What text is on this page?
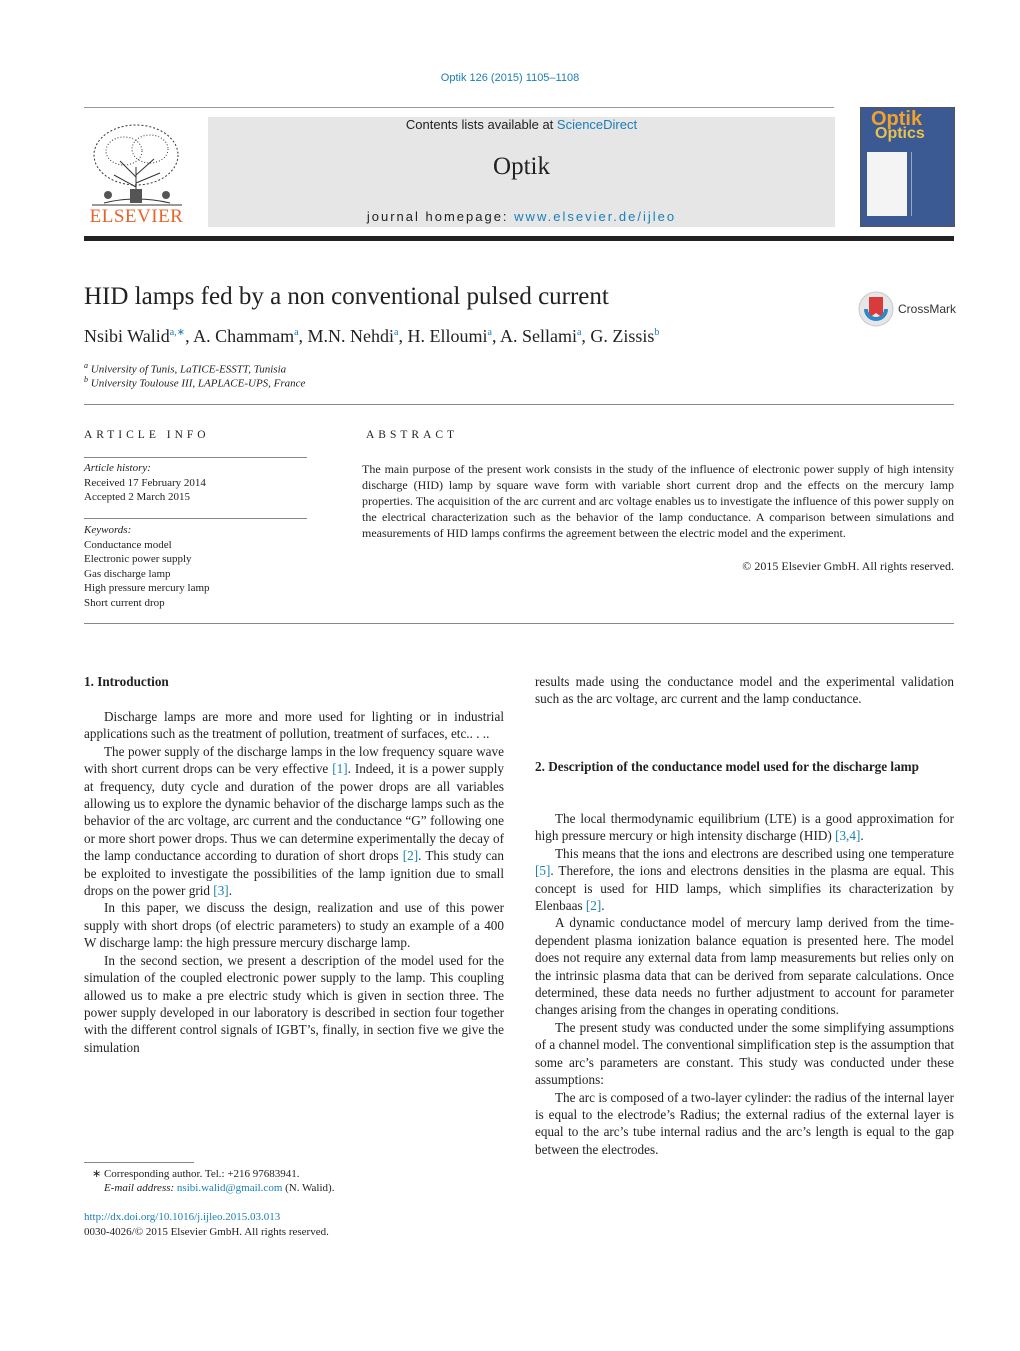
Optik 126 (2015) 1105–1108
ELSEVIER
Contents lists available at ScienceDirect
Optik
journal homepage: www.elsevier.de/ijleo
Optik
Optics
HID lamps fed by a non conventional pulsed current	CrossMark
Nsibi Walid$^{a,∗}$, A. Chammam$^a$, M.N. Nehdi$^a$, H. Elloumi$^a$, A. Sellami$^a$, G. Zissis$^b$
$^a$ University of Tunis, LaTICE-ESSTT, Tunisia
$^b$ University Toulouse III, LAPLACE-UPS, France
ARTICLE INFO
Article history:
Received 17 February 2014
Accepted 2 March 2015
Keywords:
Conductance model
Electronic power supply
Gas discharge lamp
High pressure mercury lamp
Short current drop
ABSTRACT
The main purpose of the present work consists in the study of the influence of electronic power supply of high intensity discharge (HID) lamp by square wave form with variable short current drop and the effects on the mercury lamp properties. The acquisition of the arc current and arc voltage enables us to investigate the influence of this power supply on the electrical characterization such as the behavior of the lamp conductance. A comparison between simulations and measurements of HID lamps confirms the agreement between the electric model and the experiment.
© 2015 Elsevier GmbH. All rights reserved.
1. Introduction

Discharge lamps are more and more used for lighting or in industrial applications such as the treatment of pollution, treatment of surfaces, etc.. . ..

The power supply of the discharge lamps in the low frequency square wave with short current drops can be very effective [1]. Indeed, it is a power supply at frequency, duty cycle and duration of the power drops are all variables allowing us to explore the dynamic behavior of the discharge lamps such as the behavior of the arc voltage, arc current and the conductance “G” following one or more short power drops. Thus we can determine experimentally the decay of the lamp conductance according to duration of short drops [2]. This study can be exploited to investigate the possibilities of the lamp ignition due to small drops on the power grid [3].

In this paper, we discuss the design, realization and use of this power supply with short drops (of electric parameters) to study an example of a 400 W discharge lamp: the high pressure mercury discharge lamp.

In the second section, we present a description of the model used for the simulation of the coupled electronic power supply to the lamp. This coupling allowed us to make a pre electric study which is given in section three. The power supply developed in our laboratory is described in section four together with the different control signals of IGBT’s, finally, in section five we give the simulation

results made using the conductance model and the experimental validation such as the arc voltage, arc current and the lamp conductance.

2. Description of the conductance model used for the discharge lamp

The local thermodynamic equilibrium (LTE) is a good approximation for high pressure mercury or high intensity discharge (HID) [3,4].

This means that the ions and electrons are described using one temperature [5]. Therefore, the ions and electrons densities in the plasma are equal. This concept is used for HID lamps, which simplifies its characterization by Elenbaas [2].

A dynamic conductance model of mercury lamp derived from the time-dependent plasma ionization balance equation is presented here. The model does not require any external data from lamp measurements but relies only on the intrinsic plasma data that can be derived from separate calculations. Once determined, these data needs no further adjustment to account for parameter changes arising from the changes in operating conditions.

The present study was conducted under the some simplifying assumptions of a channel model. The conventional simplification step is the assumption that some arc’s parameters are constant. This study was conducted under these assumptions:

The arc is composed of a two-layer cylinder: the radius of the internal layer is equal to the electrode’s Radius; the external radius of the external layer is equal to the arc’s tube internal radius and the arc’s length is equal to the gap between the electrodes.

∗ Corresponding author. Tel.: +216 97683941.
E-mail address: nsibi.walid@gmail.com (N. Walid).
http://dx.doi.org/10.1016/j.ijleo.2015.03.013
0030-4026/© 2015 Elsevier GmbH. All rights reserved.
